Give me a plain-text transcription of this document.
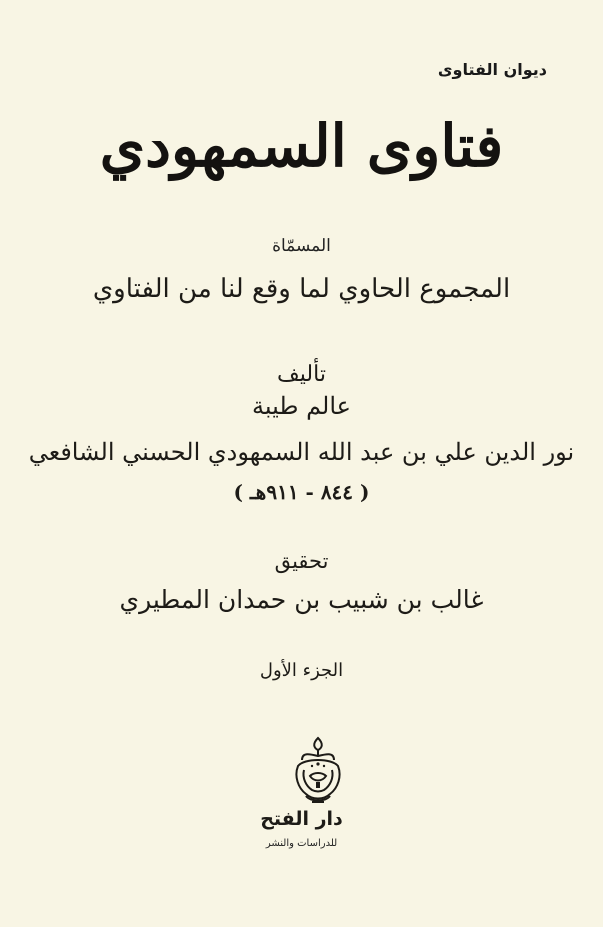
ديوان الفتاوى
فتاوى السمهودي
المسمّاة
المجموع الحاوي لما وقع لنا من الفتاوي
تأليف
عالم طيبة
نور الدين علي بن عبد الله السمهودي الحسني الشافعي
( ٨٤٤ - ٩١١هـ )
تحقيق
غالب بن شبيب بن حمدان المطيري
الجزء الأول
دار الفتح
للدراسات والنشر
